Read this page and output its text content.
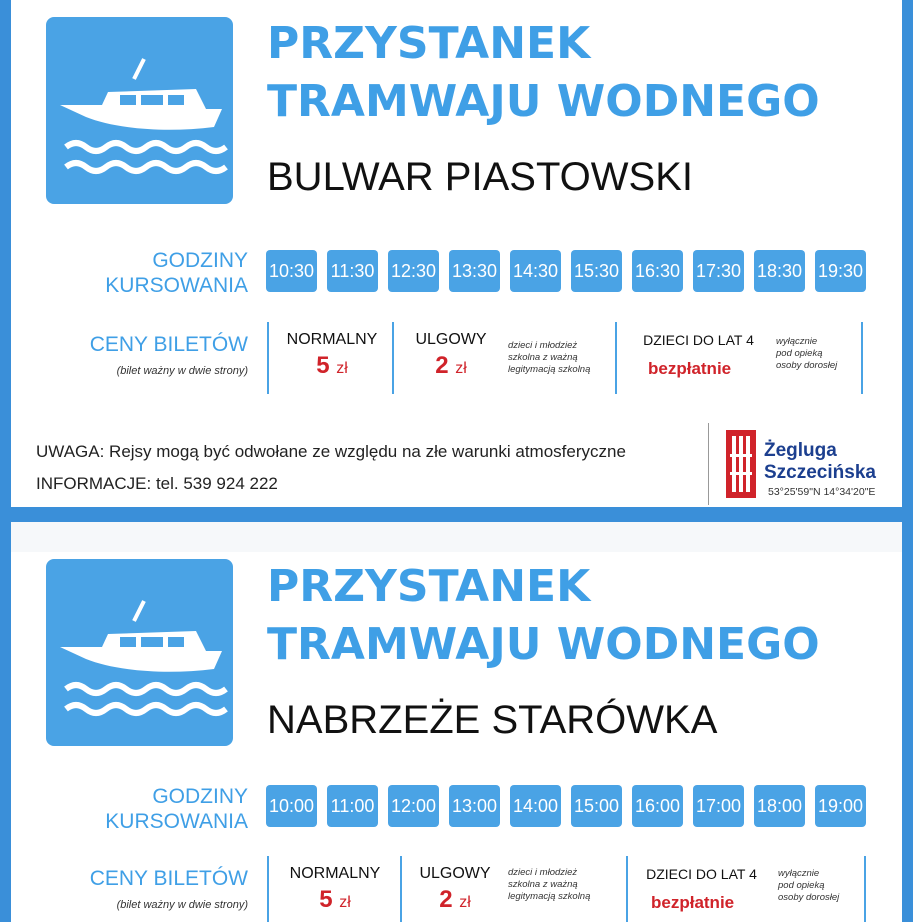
PRZYSTANEK
TRAMWAJU WODNEGO
BULWAR PIASTOWSKI
GODZINY
KURSOWANIA
10:30 11:30 12:30 13:30 14:30 15:30 16:30 17:30 18:30 19:30
CENY BILETÓW
(bilet ważny w dwie strony)
NORMALNY
5 zł
ULGOWY
2 zł
dzieci i młodzież
szkolna z ważną
legitymacją szkolną
DZIECI DO LAT 4
bezpłatnie
wyłącznie
pod opieką
osoby dorosłej
UWAGA: Rejsy mogą być odwołane ze względu na złe warunki atmosferyczne
INFORMACJE: tel. 539 924 222
Żegluga
Szczecińska
53°25'59"N 14°34'20"E
PRZYSTANEK
TRAMWAJU WODNEGO
NABRZEŻE STARÓWKA
GODZINY
KURSOWANIA
10:00 11:00 12:00 13:00 14:00 15:00 16:00 17:00 18:00 19:00
CENY BILETÓW
(bilet ważny w dwie strony)
NORMALNY
5 zł
ULGOWY
2 zł
dzieci i młodzież
szkolna z ważną
legitymacją szkolną
DZIECI DO LAT 4
bezpłatnie
wyłącznie
pod opieką
osoby dorosłej
